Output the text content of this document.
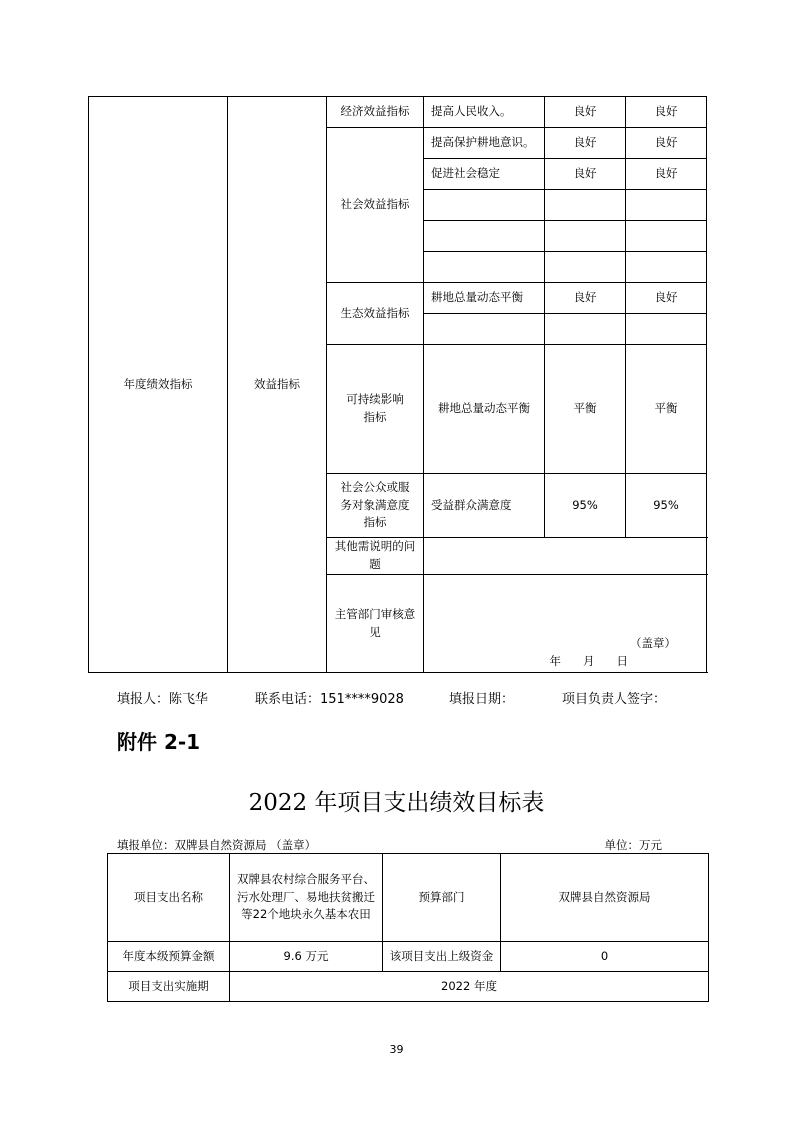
年度绩效指标	效益指标	经济效益指标	提高人民收入。	良好	良好
		社会效益指标	提高保护耕地意识。	良好	良好
			促进社会稳定	良好	良好

		生态效益指标	耕地总量动态平衡	良好	良好

		可持续影响指标	耕地总量动态平衡	平衡	平衡

		社会公众或服务对象满意度指标	受益群众满意度	95%	95%
		其他需说明的问题			
		主管部门审核意见	（盖章）
年 月 日		
填报人：陈飞华	联系电话：151****9028	填报日期：	项目负责人签字：
附件 2-1
2022 年项目支出绩效目标表
填报单位：双牌县自然资源局 （盖章）	单位：万元
项目支出名称	双牌县农村综合服务平台、污水处理厂、易地扶贫搬迁等22个地块永久基本农田	预算部门	双牌县自然资源局
年度本级预算金额	9.6 万元	该项目支出上级资金	0
项目支出实施期	2022 年度		
39
